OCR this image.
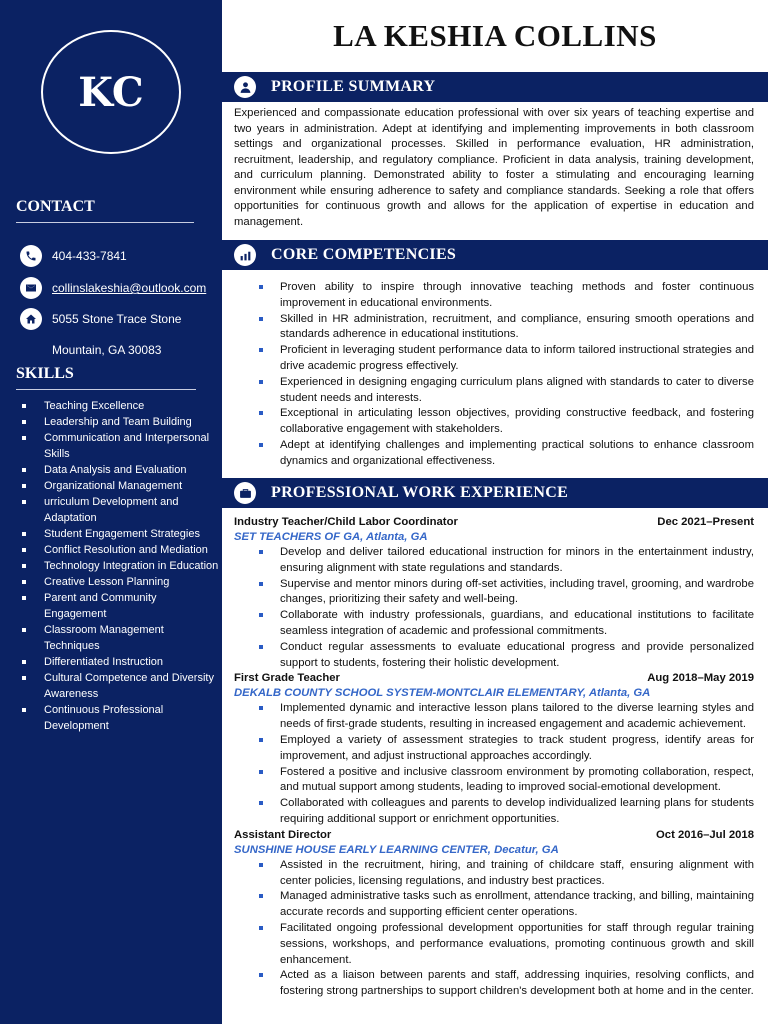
KC
CONTACT
404-433-7841
collinslakeshia@outlook.com
5055 Stone Trace Stone
Mountain, GA 30083
SKILLS
Teaching Excellence
Leadership and Team Building
Communication and Interpersonal Skills
Data Analysis and Evaluation
Organizational Management
urriculum Development and Adaptation
Student Engagement Strategies
Conflict Resolution and Mediation
Technology Integration in Education
Creative Lesson Planning
Parent and Community Engagement
Classroom Management Techniques
Differentiated Instruction
Cultural Competence and Diversity Awareness
Continuous Professional Development
LA KESHIA COLLINS
PROFILE SUMMARY

Experienced and compassionate education professional with over six years of teaching expertise and two years in administration. Adept at identifying and implementing improvements in both classroom settings and organizational processes. Skilled in performance evaluation, HR administration, recruitment, leadership, and regulatory compliance. Proficient in data analysis, training development, and curriculum planning. Demonstrated ability to foster a stimulating and encouraging learning environment while ensuring adherence to safety and compliance standards. Seeking a role that offers opportunities for continuous growth and allows for the application of expertise in education and management.

CORE COMPETENCIES
Proven ability to inspire through innovative teaching methods and foster continuous improvement in educational environments.
Skilled in HR administration, recruitment, and compliance, ensuring smooth operations and standards adherence in educational institutions.
Proficient in leveraging student performance data to inform tailored instructional strategies and drive academic progress effectively.
Experienced in designing engaging curriculum plans aligned with standards to cater to diverse student needs and interests.
Exceptional in articulating lesson objectives, providing constructive feedback, and fostering collaborative engagement with stakeholders.
Adept at identifying challenges and implementing practical solutions to enhance classroom dynamics and organizational effectiveness.
PROFESSIONAL WORK EXPERIENCE
Industry Teacher/Child Labor Coordinator	Dec 2021–Present
SET TEACHERS OF GA, Atlanta, GA
Develop and deliver tailored educational instruction for minors in the entertainment industry, ensuring alignment with state regulations and standards.
Supervise and mentor minors during off-set activities, including travel, grooming, and wardrobe changes, prioritizing their safety and well-being.
Collaborate with industry professionals, guardians, and educational institutions to facilitate seamless integration of academic and professional commitments.
Conduct regular assessments to evaluate educational progress and provide personalized support to students, fostering their holistic development.
First Grade Teacher	Aug 2018–May 2019
DEKALB COUNTY SCHOOL SYSTEM-MONTCLAIR ELEMENTARY, Atlanta, GA
Implemented dynamic and interactive lesson plans tailored to the diverse learning styles and needs of first-grade students, resulting in increased engagement and academic achievement.
Employed a variety of assessment strategies to track student progress, identify areas for improvement, and adjust instructional approaches accordingly.
Fostered a positive and inclusive classroom environment by promoting collaboration, respect, and mutual support among students, leading to improved social-emotional development.
Collaborated with colleagues and parents to develop individualized learning plans for students requiring additional support or enrichment opportunities.
Assistant Director	Oct 2016–Jul 2018
SUNSHINE HOUSE EARLY LEARNING CENTER, Decatur, GA
Assisted in the recruitment, hiring, and training of childcare staff, ensuring alignment with center policies, licensing regulations, and industry best practices.
Managed administrative tasks such as enrollment, attendance tracking, and billing, maintaining accurate records and supporting efficient center operations.
Facilitated ongoing professional development opportunities for staff through regular training sessions, workshops, and performance evaluations, promoting continuous growth and skill enhancement.
Acted as a liaison between parents and staff, addressing inquiries, resolving conflicts, and fostering strong partnerships to support children's development both at home and in the center.
